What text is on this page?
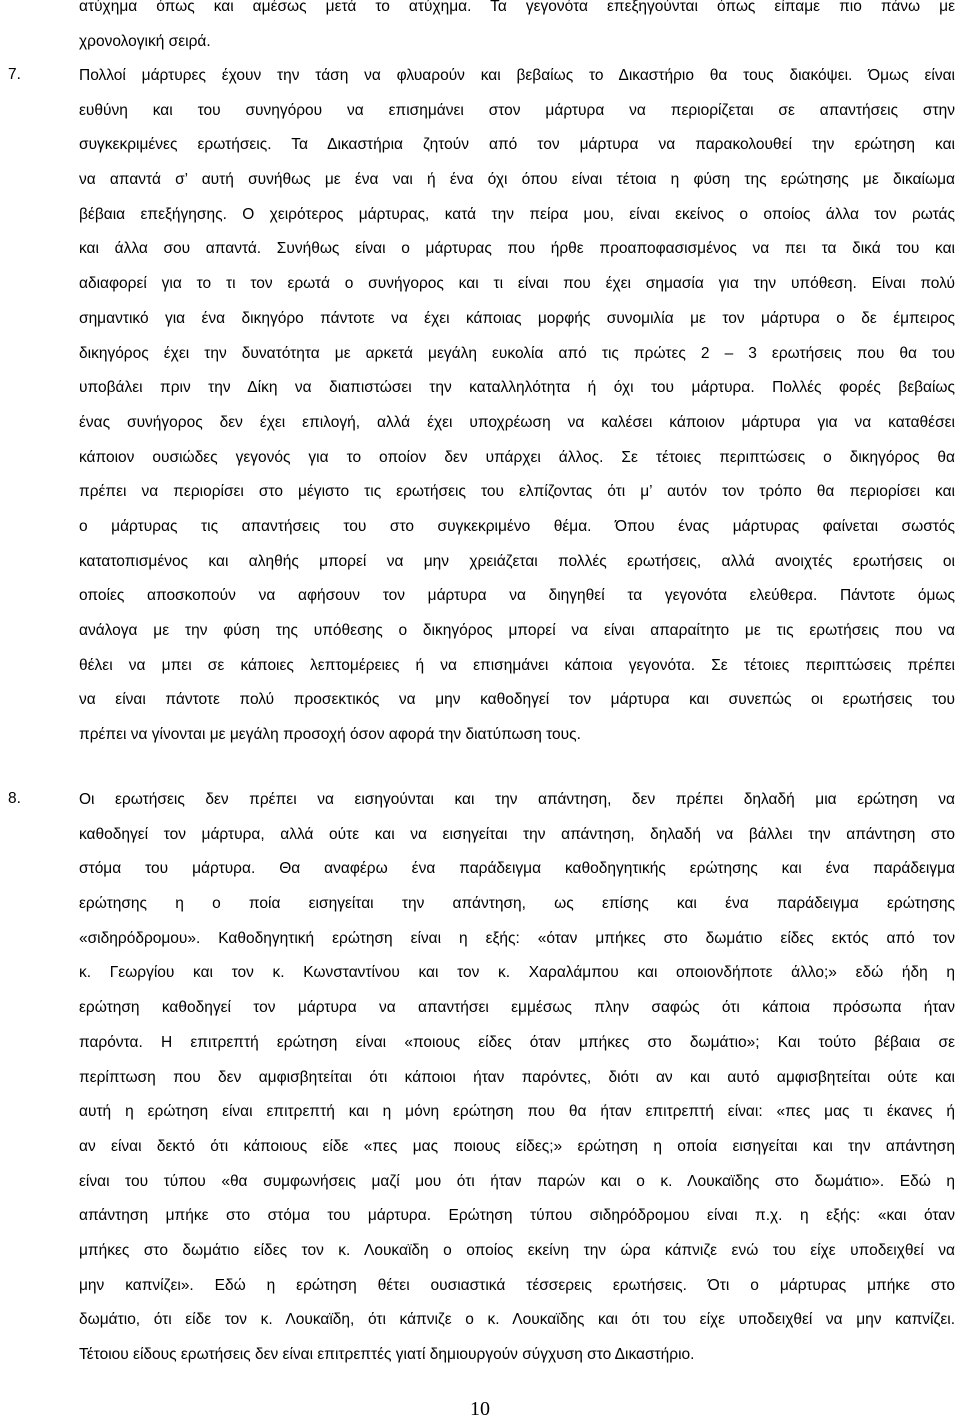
ατύχημα όπως και αμέσως μετά το ατύχημα. Τα γεγονότα επεξηγούνται όπως είπαμε πιο πάνω με
χρονολογική σειρά.
7.	Πολλοί μάρτυρες έχουν την τάση να φλυαρούν και βεβαίως το Δικαστήριο θα τους διακόψει. Όμως είναι
ευθύνη και του συνηγόρου να επισημάνει στον μάρτυρα να περιορίζεται σε απαντήσεις στην
συγκεκριμένες ερωτήσεις. Τα Δικαστήρια ζητούν από τον μάρτυρα να παρακολουθεί την ερώτηση και
να απαντά σ’ αυτή συνήθως με ένα ναι ή ένα όχι όπου είναι τέτοια η φύση της ερώτησης με δικαίωμα
βέβαια επεξήγησης. Ο χειρότερος μάρτυρας, κατά την πείρα μου, είναι εκείνος ο οποίος άλλα τον ρωτάς
και άλλα σου απαντά. Συνήθως είναι ο μάρτυρας που ήρθε προαποφασισμένος να πει τα δικά του και
αδιαφορεί για το τι τον ερωτά ο συνήγορος και τι είναι που έχει σημασία για την υπόθεση. Είναι πολύ
σημαντικό για ένα δικηγόρο πάντοτε να έχει κάποιας μορφής συνομιλία με τον μάρτυρα ο δε έμπειρος
δικηγόρος έχει την δυνατότητα με αρκετά μεγάλη ευκολία από τις πρώτες 2 – 3 ερωτήσεις που θα του
υποβάλει πριν την Δίκη να διαπιστώσει την καταλληλότητα ή όχι του μάρτυρα. Πολλές φορές βεβαίως
ένας συνήγορος δεν έχει επιλογή, αλλά έχει υποχρέωση να καλέσει κάποιον μάρτυρα για να καταθέσει
κάποιον ουσιώδες γεγονός για το οποίον δεν υπάρχει άλλος. Σε τέτοιες περιπτώσεις ο δικηγόρος θα
πρέπει να περιορίσει στο μέγιστο τις ερωτήσεις του ελπίζοντας ότι μ’ αυτόν τον τρόπο θα περιορίσει και
ο μάρτυρας τις απαντήσεις του στο συγκεκριμένο θέμα. Όπου ένας μάρτυρας φαίνεται σωστός
κατατοπισμένος και αληθής μπορεί να μην χρειάζεται πολλές ερωτήσεις, αλλά ανοιχτές ερωτήσεις οι
οποίες αποσκοπούν να αφήσουν τον μάρτυρα να διηγηθεί τα γεγονότα ελεύθερα. Πάντοτε όμως
ανάλογα με την φύση της υπόθεσης ο δικηγόρος μπορεί να είναι απαραίτητο με τις ερωτήσεις που να
θέλει να μπει σε κάποιες λεπτομέρειες ή να επισημάνει κάποια γεγονότα. Σε τέτοιες περιπτώσεις πρέπει
να είναι πάντοτε πολύ προσεκτικός να μην καθοδηγεί τον μάρτυρα και συνεπώς οι ερωτήσεις του
πρέπει να γίνονται με μεγάλη προσοχή όσον αφορά την διατύπωση τους.
8.	Οι ερωτήσεις δεν πρέπει να εισηγούνται και την απάντηση, δεν πρέπει δηλαδή μια ερώτηση να
καθοδηγεί τον μάρτυρα, αλλά ούτε και να εισηγείται την απάντηση, δηλαδή να βάλλει την απάντηση στο
στόμα του μάρτυρα. Θα αναφέρω ένα παράδειγμα καθοδηγητικής ερώτησης και ένα παράδειγμα
ερώτησης η ο ποία εισηγείται την απάντηση, ως επίσης και ένα παράδειγμα ερώτησης
«σιδηρόδρομου». Καθοδηγητική ερώτηση είναι η εξής: «όταν μπήκες στο δωμάτιο είδες εκτός από τον
κ. Γεωργίου και τον κ. Κωνσταντίνου και τον κ. Χαραλάμπου και οποιονδήποτε άλλο;» εδώ ήδη η
ερώτηση καθοδηγεί τον μάρτυρα να απαντήσει εμμέσως πλην σαφώς ότι κάποια πρόσωπα ήταν
παρόντα. Η επιτρεπτή ερώτηση είναι «ποιους είδες όταν μπήκες στο δωμάτιο»; Και τούτο βέβαια σε
περίπτωση που δεν αμφισβητείται ότι κάποιοι ήταν παρόντες, διότι αν και αυτό αμφισβητείται ούτε και
αυτή η ερώτηση είναι επιτρεπτή και η μόνη ερώτηση που θα ήταν επιτρεπτή είναι: «πες μας τι έκανες ή
αν είναι δεκτό ότι κάποιους είδε «πες μας ποιους είδες;» ερώτηση η οποία εισηγείται και την απάντηση
είναι του τύπου «θα συμφωνήσεις μαζί μου ότι ήταν παρών και ο κ. Λουκαϊδης στο δωμάτιο». Εδώ η
απάντηση μπήκε στο στόμα του μάρτυρα. Ερώτηση τύπου σιδηρόδρομου είναι π.χ. η εξής: «και όταν
μπήκες στο δωμάτιο είδες τον κ. Λουκαϊδη ο οποίος εκείνη την ώρα κάπνιζε ενώ του είχε υποδειχθεί να
μην καπνίζει». Εδώ η ερώτηση θέτει ουσιαστικά τέσσερεις ερωτήσεις. Ότι ο μάρτυρας μπήκε στο
δωμάτιο, ότι είδε τον κ. Λουκαϊδη, ότι κάπνιζε ο κ. Λουκαϊδης και ότι του είχε υποδειχθεί να μην καπνίζει.
Τέτοιου είδους ερωτήσεις δεν είναι επιτρεπτές γιατί δημιουργούν σύγχυση στο Δικαστήριο.
10
